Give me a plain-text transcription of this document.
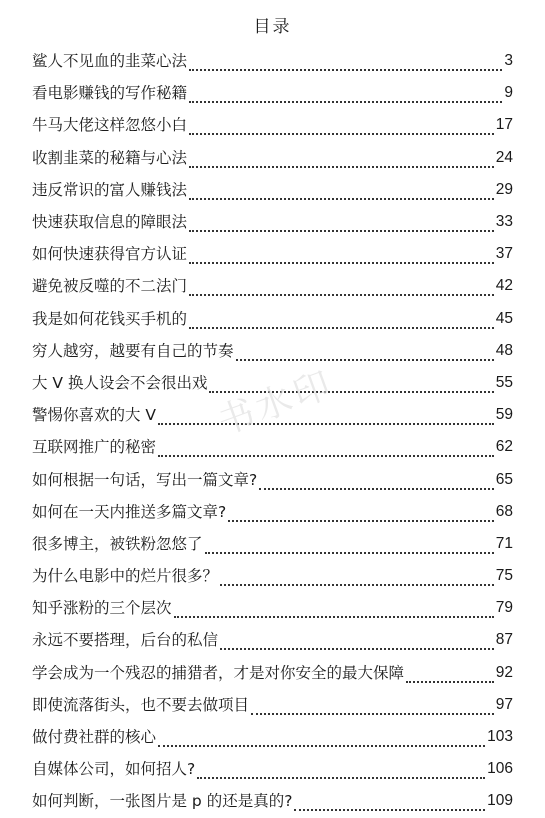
目录
鲨人不见血的韭菜心法	3
看电影赚钱的写作秘籍	9
牛马大佬这样忽悠小白	17
收割韭菜的秘籍与心法	24
违反常识的富人赚钱法	29
快速获取信息的障眼法	33
如何快速获得官方认证	37
避免被反噬的不二法门	42
我是如何花钱买手机的	45
穷人越穷，越要有自己的节奏	48
大 V 换人设会不会很出戏	55
警惕你喜欢的大 V	59
互联网推广的秘密	62
如何根据一句话，写出一篇文章?	65
如何在一天内推送多篇文章?	68
很多博主，被铁粉忽悠了	71
为什么电影中的烂片很多？	75
知乎涨粉的三个层次	79
永远不要搭理，后台的私信	87
学会成为一个残忍的捕猎者，才是对你安全的最大保障	92
即使流落街头，也不要去做项目	97
做付费社群的核心	103
自媒体公司，如何招人?	106
如何判断，一张图片是 p 的还是真的?	109
书水印
